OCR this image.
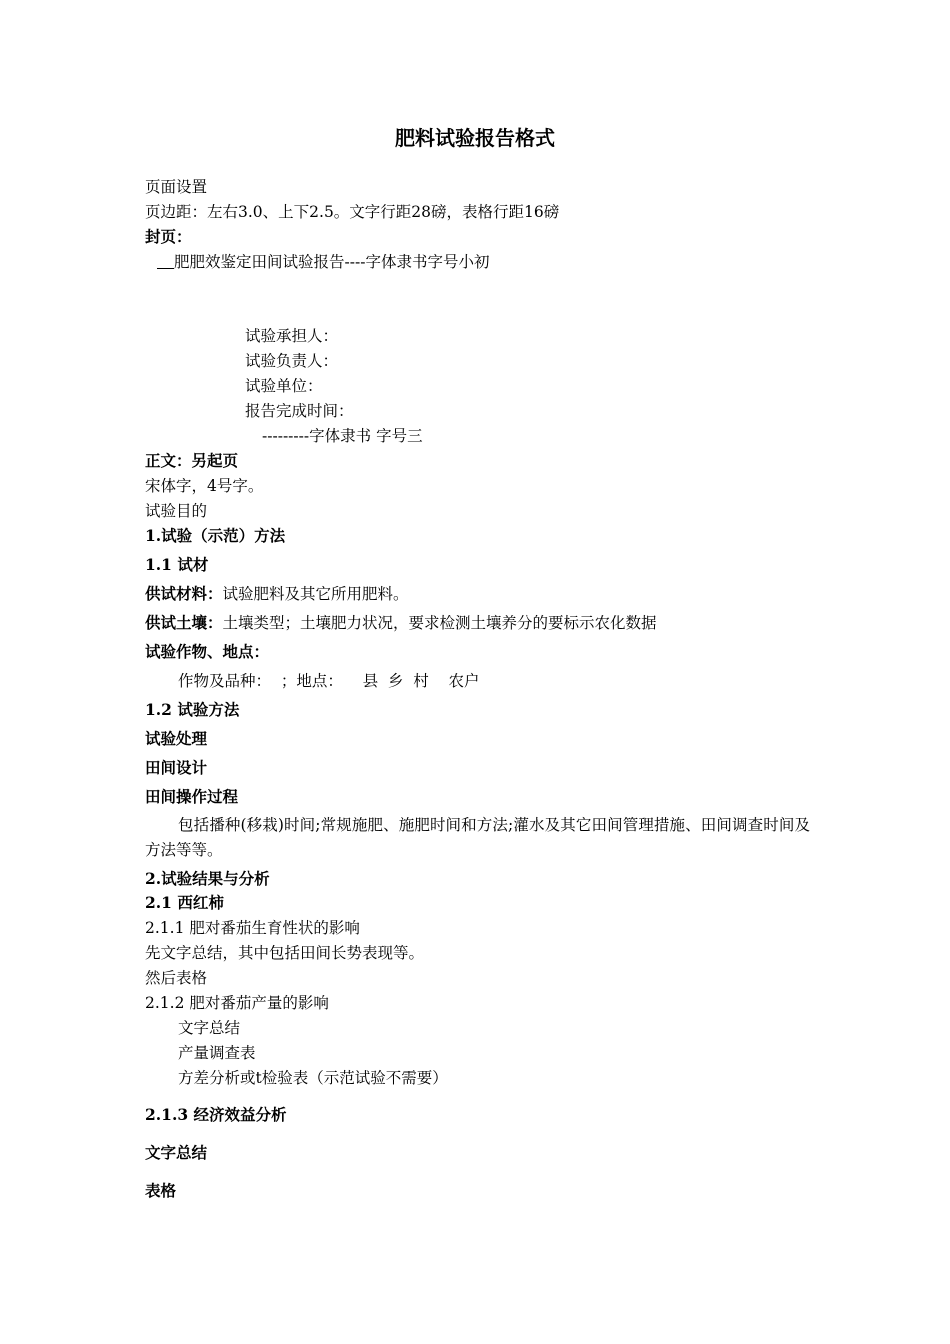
肥料试验报告格式
页面设置
页边距：左右3.0、上下2.5。文字行距28磅，表格行距16磅
封页：
肥肥效鉴定田间试验报告----字体隶书字号小初
试验承担人：
试验负责人：
试验单位：
报告完成时间：
---------字体隶书 字号三
正文：另起页
宋体字，4号字。
试验目的
1.试验（示范）方法
1.1 试材
供试材料：试验肥料及其它所用肥料。
供试土壤：土壤类型；土壤肥力状况，要求检测土壤养分的要标示农化数据
试验作物、地点：
作物及品种：  ；地点：    县  乡  村    农户
1.2 试验方法
试验处理
田间设计
田间操作过程
包括播种(移栽)时间;常规施肥、施肥时间和方法;灌水及其它田间管理措施、田间调查时间及方法等等。
2.试验结果与分析
2.1 西红柿
2.1.1 肥对番茄生育性状的影响
先文字总结，其中包括田间长势表现等。
然后表格
2.1.2 肥对番茄产量的影响
文字总结
产量调查表
方差分析或t检验表（示范试验不需要）
2.1.3 经济效益分析
文字总结
表格
